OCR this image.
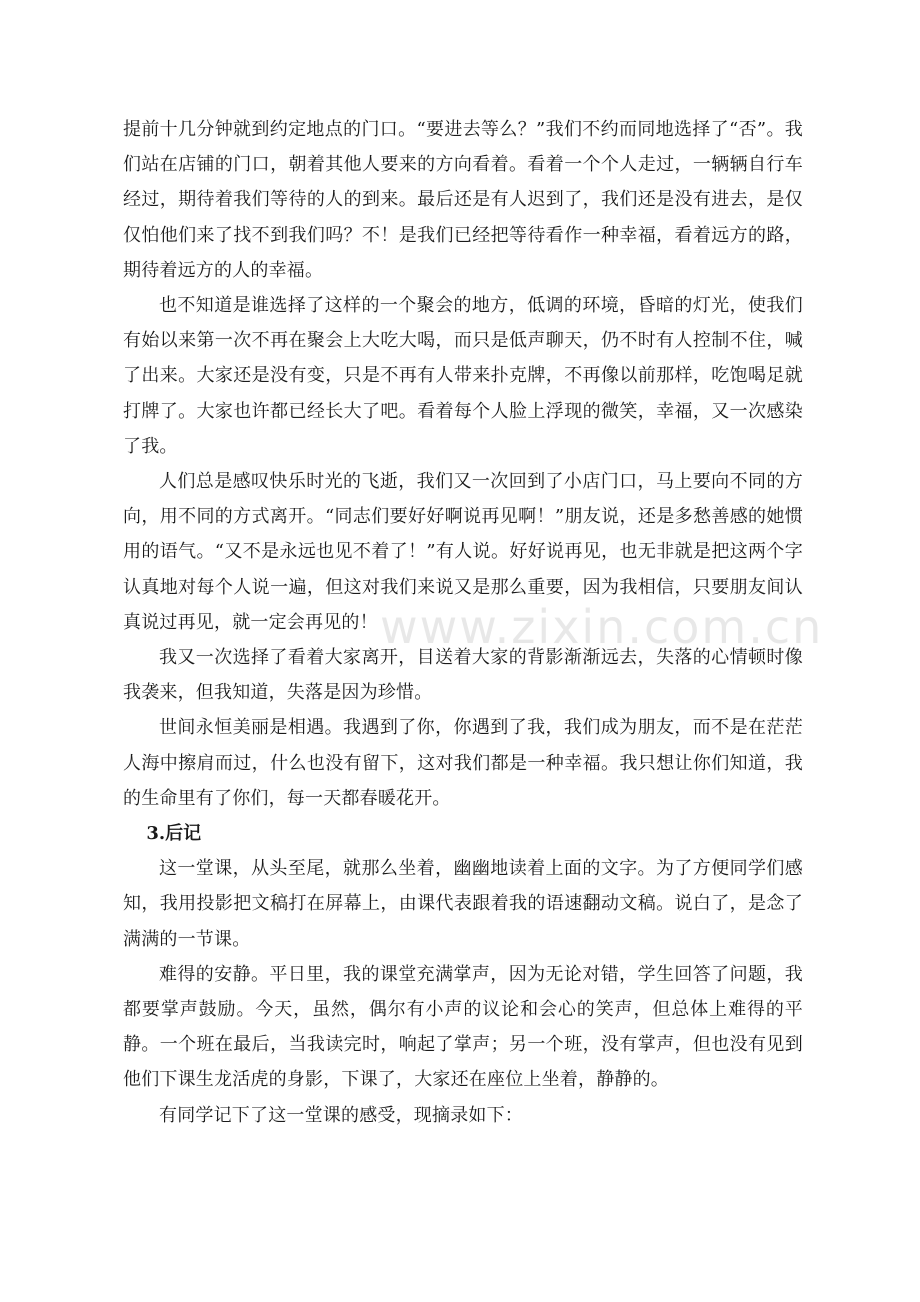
提前十几分钟就到约定地点的门口。“要进去等么？”我们不约而同地选择了“否”。我们站在店铺的门口，朝着其他人要来的方向看着。看着一个个人走过，一辆辆自行车经过，期待着我们等待的人的到来。最后还是有人迟到了，我们还是没有进去，是仅仅怕他们来了找不到我们吗？不！是我们已经把等待看作一种幸福，看着远方的路，期待着远方的人的幸福。

也不知道是谁选择了这样的一个聚会的地方，低调的环境，昏暗的灯光，使我们有始以来第一次不再在聚会上大吃大喝，而只是低声聊天，仍不时有人控制不住，喊了出来。大家还是没有变，只是不再有人带来扑克牌，不再像以前那样，吃饱喝足就打牌了。大家也许都已经长大了吧。看着每个人脸上浮现的微笑，幸福，又一次感染了我。

人们总是感叹快乐时光的飞逝，我们又一次回到了小店门口，马上要向不同的方向，用不同的方式离开。“同志们要好好啊说再见啊！”朋友说，还是多愁善感的她惯用的语气。“又不是永远也见不着了！”有人说。好好说再见，也无非就是把这两个字认真地对每个人说一遍，但这对我们来说又是那么重要，因为我相信，只要朋友间认真说过再见，就一定会再见的！

我又一次选择了看着大家离开，目送着大家的背影渐渐远去，失落的心情顿时像我袭来，但我知道，失落是因为珍惜。

世间永恒美丽是相遇。我遇到了你，你遇到了我，我们成为朋友，而不是在茫茫人海中擦肩而过，什么也没有留下，这对我们都是一种幸福。我只想让你们知道，我的生命里有了你们，每一天都春暖花开。

3.后记

这一堂课，从头至尾，就那么坐着，幽幽地读着上面的文字。为了方便同学们感知，我用投影把文稿打在屏幕上，由课代表跟着我的语速翻动文稿。说白了，是念了满满的一节课。

难得的安静。平日里，我的课堂充满掌声，因为无论对错，学生回答了问题，我都要掌声鼓励。今天，虽然，偶尔有小声的议论和会心的笑声，但总体上难得的平静。一个班在最后，当我读完时，响起了掌声；另一个班，没有掌声，但也没有见到他们下课生龙活虎的身影，下课了，大家还在座位上坐着，静静的。

有同学记下了这一堂课的感受，现摘录如下：

www.zixin.com.cn
